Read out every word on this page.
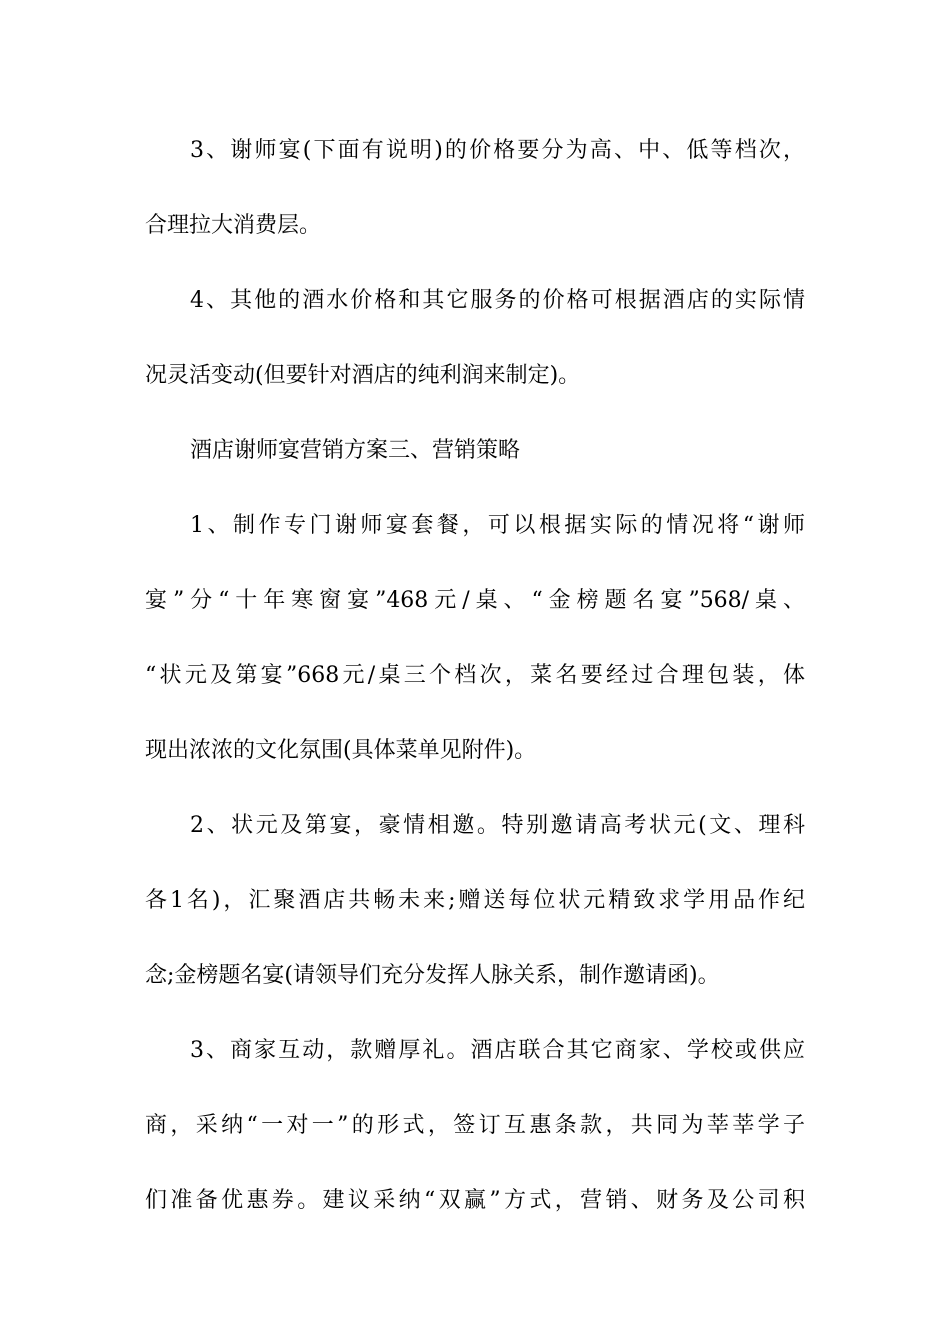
3、谢师宴(下面有说明)的价格要分为高、中、低等档次，
合理拉大消费层。
4、其他的酒水价格和其它服务的价格可根据酒店的实际情
况灵活变动(但要针对酒店的纯利润来制定)。
酒店谢师宴营销方案三、营销策略
1、制作专门谢师宴套餐，可以根据实际的情况将“谢师
宴”分“十年寒窗宴”468元/桌、“金榜题名宴”568/桌、
“状元及第宴”668元/桌三个档次，菜名要经过合理包装，体
现出浓浓的文化氛围(具体菜单见附件)。
2、状元及第宴，豪情相邀。特别邀请高考状元(文、理科
各1名)，汇聚酒店共畅未来;赠送每位状元精致求学用品作纪
念;金榜题名宴(请领导们充分发挥人脉关系，制作邀请函)。
3、商家互动，款赠厚礼。酒店联合其它商家、学校或供应
商，采纳“一对一”的形式，签订互惠条款，共同为莘莘学子
们准备优惠券。建议采纳“双赢”方式，营销、财务及公司积
